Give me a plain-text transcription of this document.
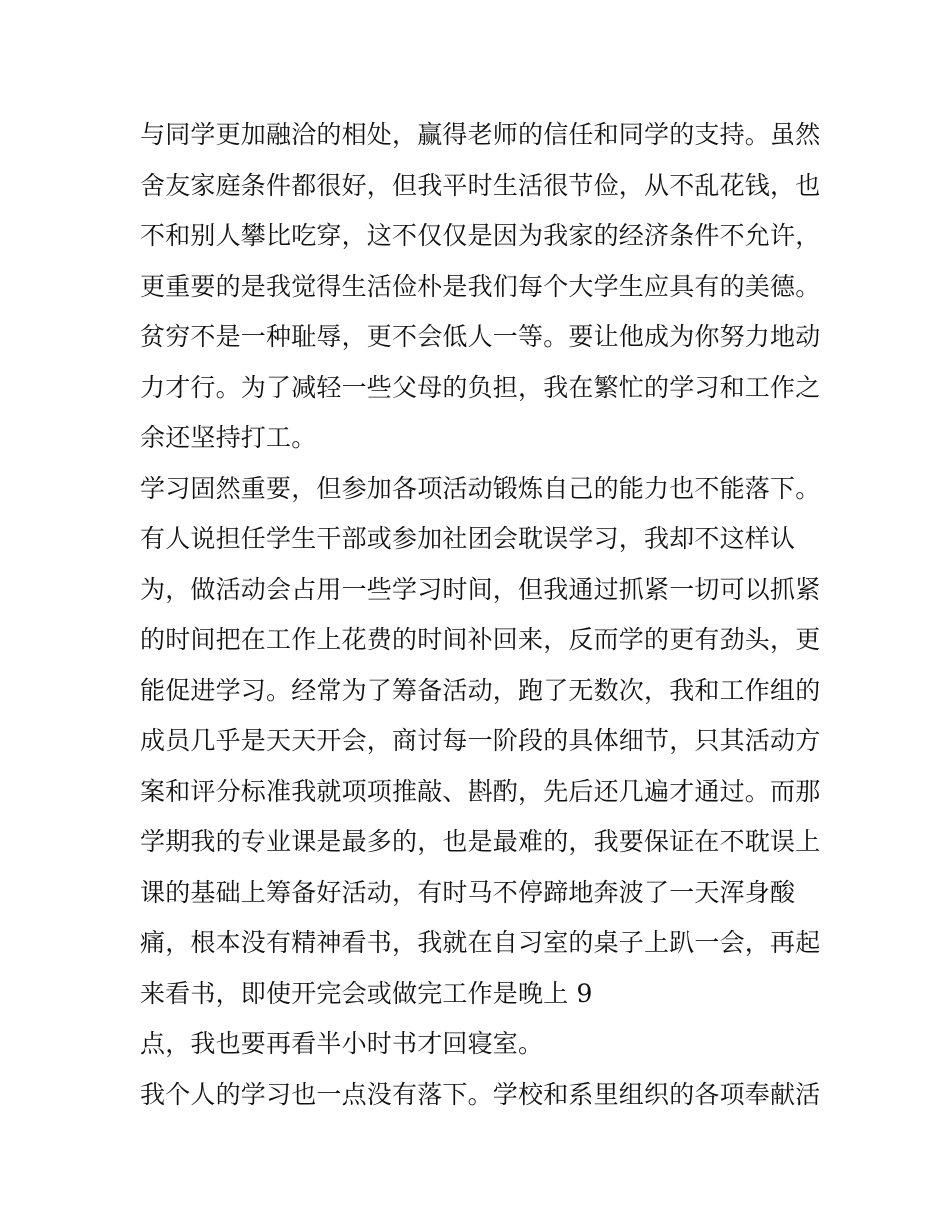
与同学更加融洽的相处，赢得老师的信任和同学的支持。虽然
舍友家庭条件都很好，但我平时生活很节俭，从不乱花钱，也
不和别人攀比吃穿，这不仅仅是因为我家的经济条件不允许，
更重要的是我觉得生活俭朴是我们每个大学生应具有的美德。
贫穷不是一种耻辱，更不会低人一等。要让他成为你努力地动
力才行。为了减轻一些父母的负担，我在繁忙的学习和工作之
余还坚持打工。
学习固然重要，但参加各项活动锻炼自己的能力也不能落下。
有人说担任学生干部或参加社团会耽误学习，我却不这样认
为，做活动会占用一些学习时间，但我通过抓紧一切可以抓紧
的时间把在工作上花费的时间补回来，反而学的更有劲头，更
能促进学习。经常为了筹备活动，跑了无数次，我和工作组的
成员几乎是天天开会，商讨每一阶段的具体细节，只其活动方
案和评分标准我就项项推敲、斟酌，先后还几遍才通过。而那
学期我的专业课是最多的，也是最难的，我要保证在不耽误上
课的基础上筹备好活动，有时马不停蹄地奔波了一天浑身酸
痛，根本没有精神看书，我就在自习室的桌子上趴一会，再起
来看书，即使开完会或做完工作是晚上 9
点，我也要再看半小时书才回寝室。
我个人的学习也一点没有落下。学校和系里组织的各项奉献活
